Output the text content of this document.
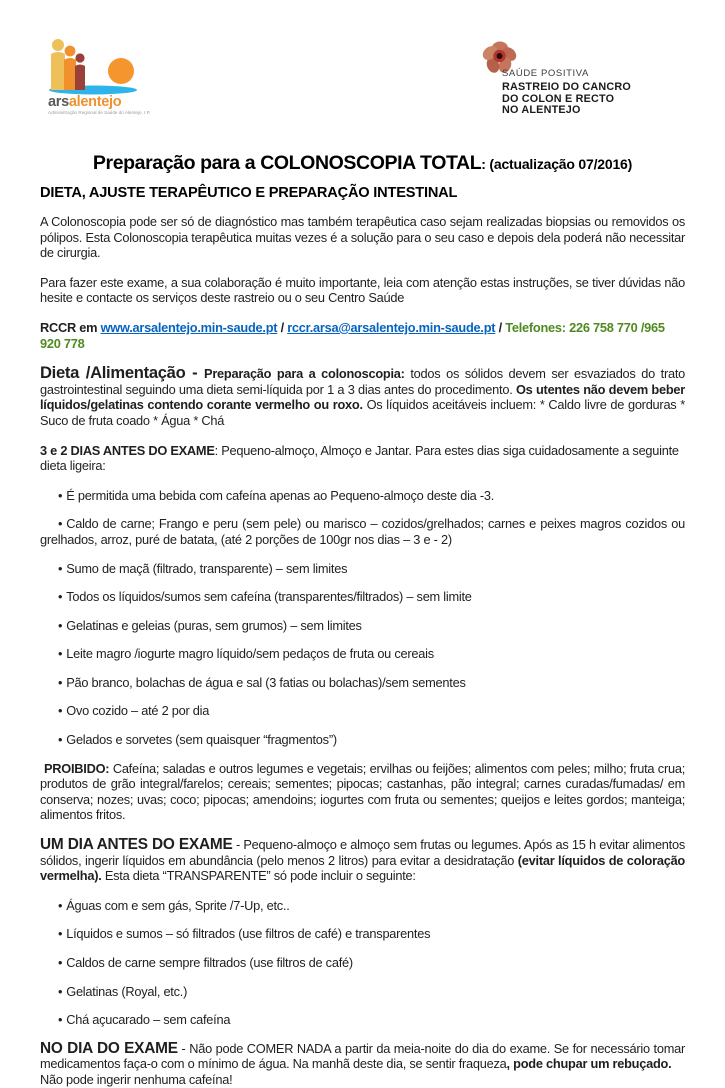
arsalentejo
Administração Regional de Saúde do Alentejo, I.P.
SAÚDE POSITIVA
RASTREIO DO CANCRO
DO COLON E RECTO
NO ALENTEJO
Preparação para a COLONOSCOPIA TOTAL: (actualização 07/2016)
DIETA, AJUSTE TERAPÊUTICO E PREPARAÇÃO INTESTINAL

A Colonoscopia pode ser só de diagnóstico mas também terapêutica caso sejam realizadas biopsias ou removidos os pólipos. Esta Colonoscopia terapêutica muitas vezes é a solução para o seu caso e depois dela poderá não necessitar de cirurgia.

Para fazer este exame, a sua colaboração é muito importante, leia com atenção estas instruções, se tiver dúvidas não hesite e contacte os serviços deste rastreio ou o seu Centro Saúde

RCCR em www.arsalentejo.min-saude.pt / rccr.arsa@arsalentejo.min-saude.pt / Telefones: 226 758 770 /965 920 778

Dieta /Alimentação - Preparação para a colonoscopia: todos os sólidos devem ser esvaziados do trato gastrointestinal seguindo uma dieta semi-líquida por 1 a 3 dias antes do procedimento. Os utentes não devem beber líquidos/gelatinas contendo corante vermelho ou roxo. Os líquidos aceitáveis incluem: * Caldo livre de gorduras * Suco de fruta coado * Água * Chá

3 e 2 DIAS ANTES DO EXAME: Pequeno-almoço, Almoço e Jantar. Para estes dias siga cuidadosamente a seguinte dieta ligeira:

• É permitida uma bebida com cafeína apenas ao Pequeno-almoço deste dia -3.

• Caldo de carne; Frango e peru (sem pele) ou marisco – cozidos/grelhados; carnes e peixes magros cozidos ou grelhados, arroz, puré de batata, (até 2 porções de 100gr nos dias – 3 e - 2)

• Sumo de maçã (filtrado, transparente) – sem limites

• Todos os líquidos/sumos sem cafeína (transparentes/filtrados) – sem limite

• Gelatinas e geleias (puras, sem grumos) – sem limites

• Leite magro /iogurte magro líquido/sem pedaços de fruta ou cereais

• Pão branco, bolachas de água e sal (3 fatias ou bolachas)/sem sementes

• Ovo cozido – até 2 por dia

• Gelados e sorvetes (sem quaisquer “fragmentos”)

PROIBIDO: Cafeína; saladas e outros legumes e vegetais; ervilhas ou feijões; alimentos com peles; milho; fruta crua; produtos de grão integral/farelos; cereais; sementes; pipocas; castanhas, pão integral; carnes curadas/fumadas/ em conserva; nozes; uvas; coco; pipocas; amendoins; iogurtes com fruta ou sementes; queijos e leites gordos; manteiga; alimentos fritos.

UM DIA ANTES DO EXAME - Pequeno-almoço e almoço sem frutas ou legumes. Após as 15 h evitar alimentos sólidos, ingerir líquidos em abundância (pelo menos 2 litros) para evitar a desidratação (evitar líquidos de coloração vermelha). Esta dieta “TRANSPARENTE” só pode incluir o seguinte:

• Águas com e sem gás, Sprite /7-Up, etc..

• Líquidos e sumos – só filtrados (use filtros de café) e transparentes

• Caldos de carne sempre filtrados (use filtros de café)

• Gelatinas (Royal, etc.)

• Chá açucarado – sem cafeína

NO DIA DO EXAME - Não pode COMER NADA a partir da meia-noite do dia do exame. Se for necessário tomar medicamentos faça-o com o mínimo de água. Na manhã deste dia, se sentir fraqueza, pode chupar um rebuçado.

Não pode ingerir nenhuma cafeína!
